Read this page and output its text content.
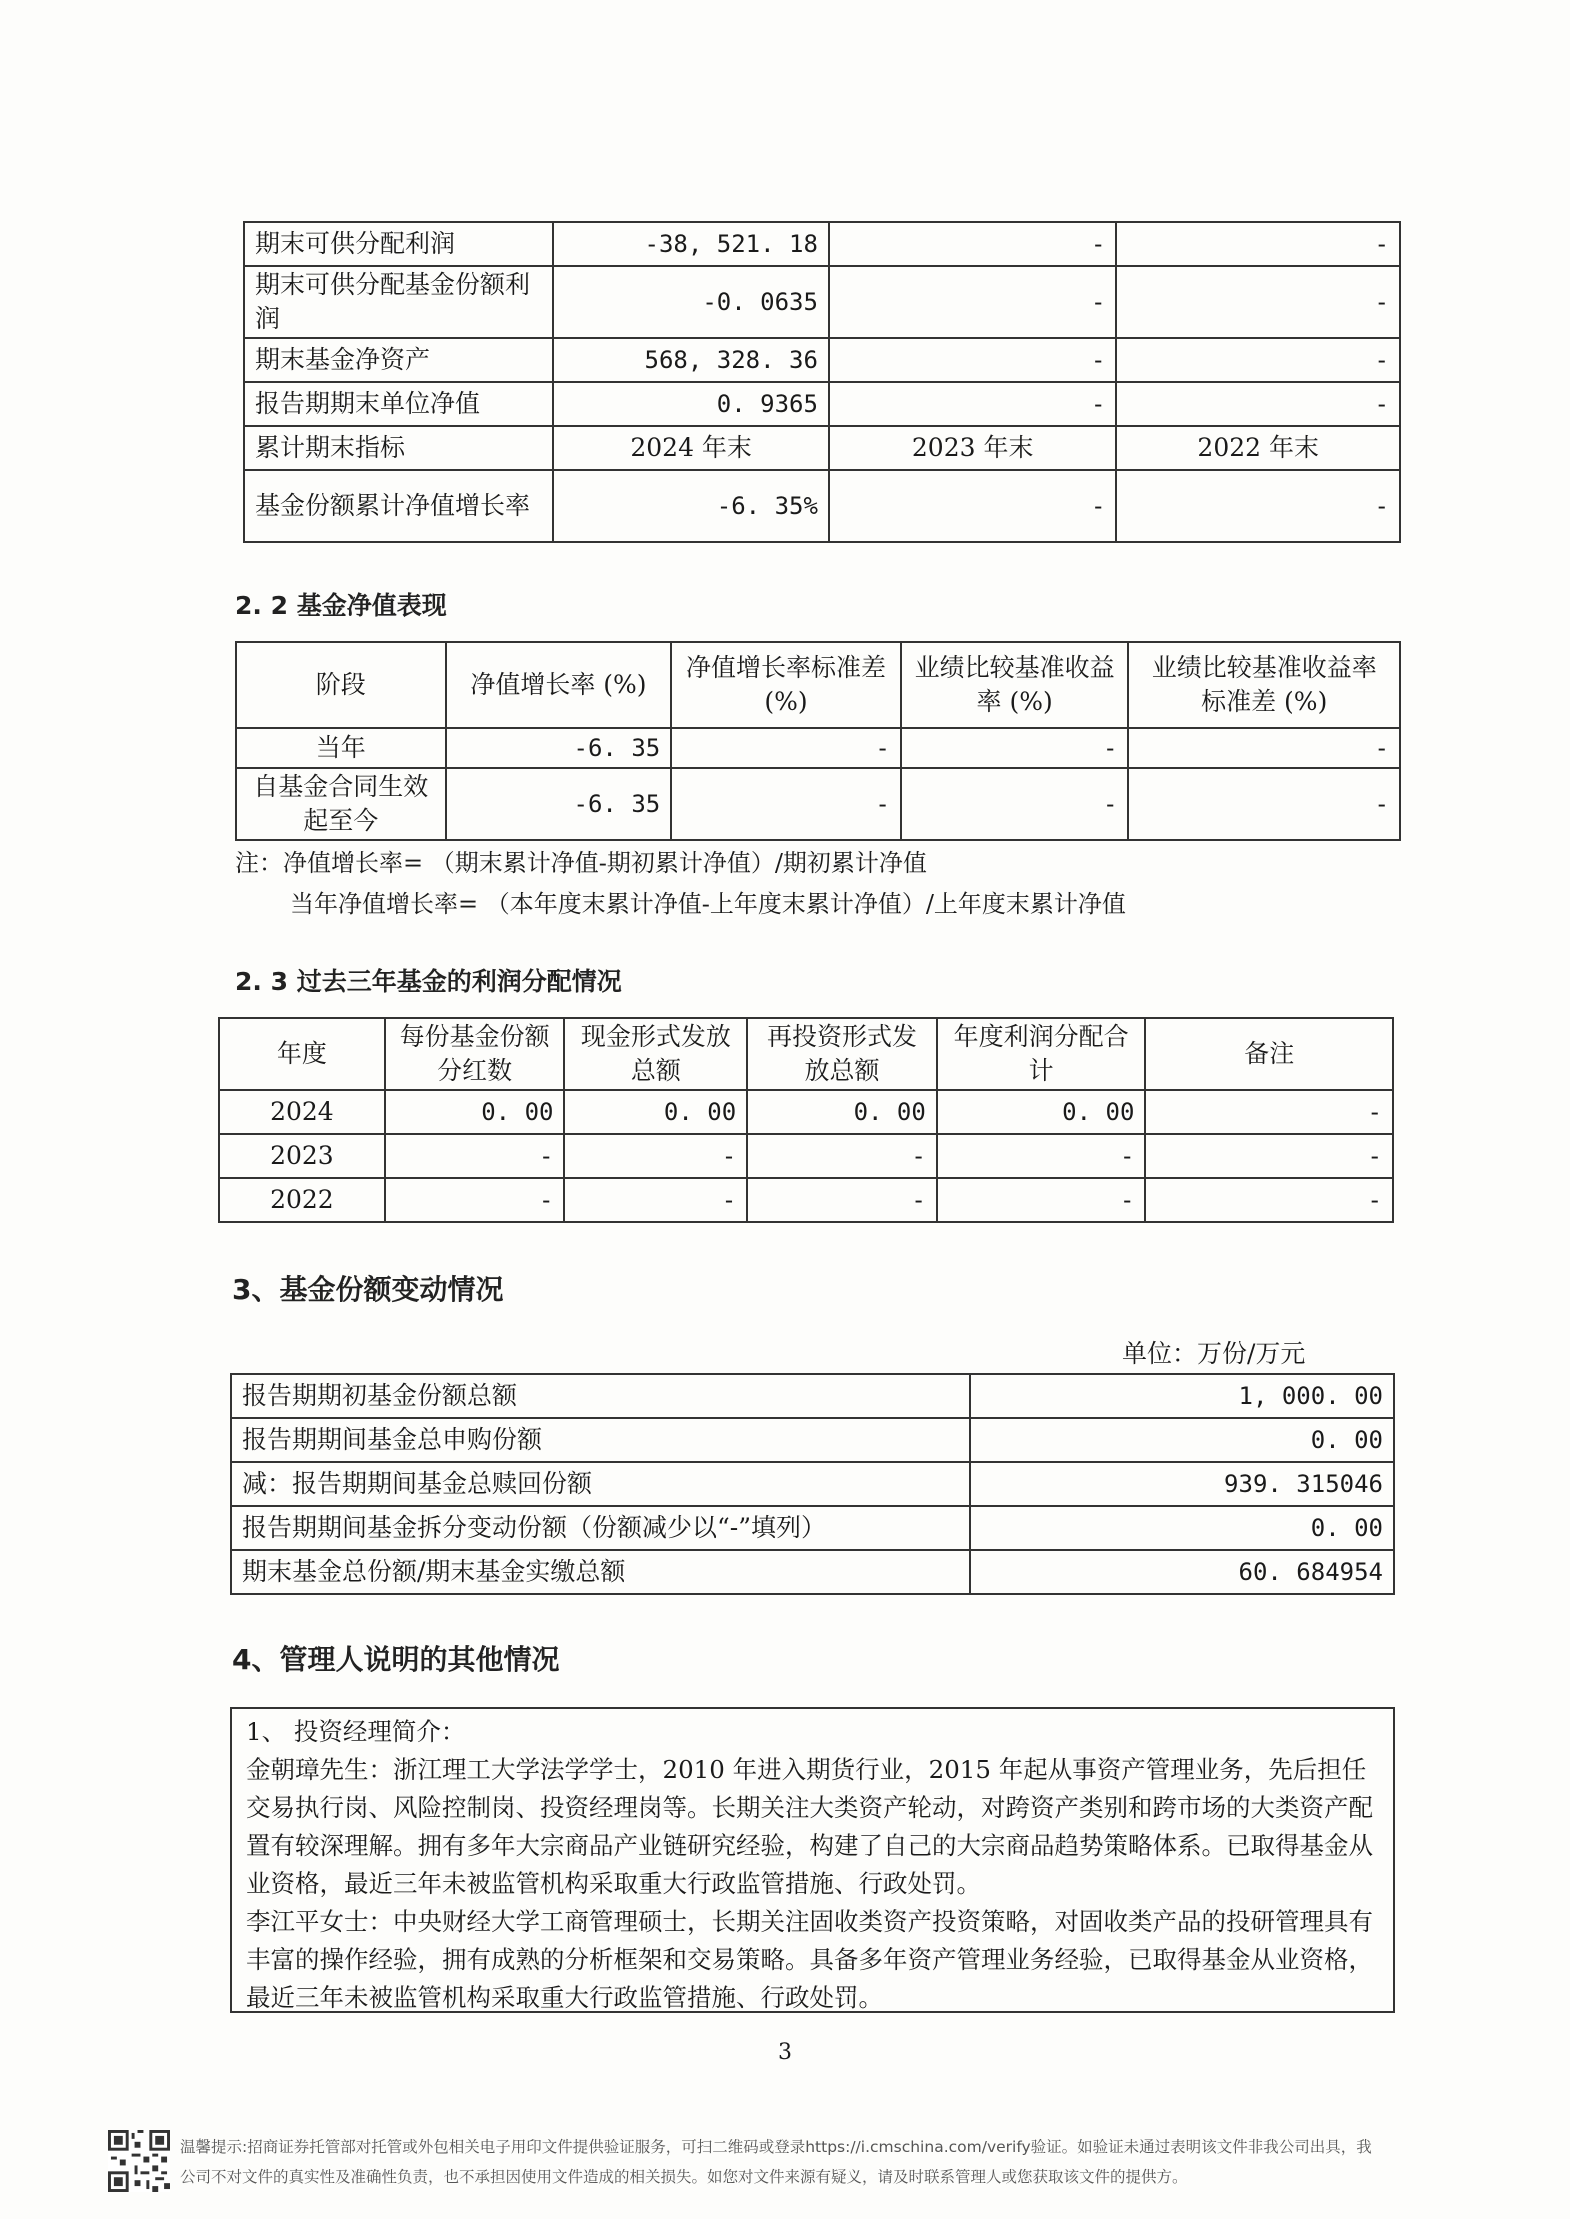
期末可供分配利润	-38, 521. 18	-	-
期末可供分配基金份额利润	-0. 0635	-	-
期末基金净资产	568, 328. 36	-	-
报告期期末单位净值	0. 9365	-	-
累计期末指标	2024 年末	2023 年末	2022 年末
基金份额累计净值增长率	-6. 35%	-	-
2. 2 基金净值表现
阶段	净值增长率 (%)	净值增长率标准差 (%)	业绩比较基准收益率 (%)	业绩比较基准收益率标准差 (%)
当年	-6. 35	-	-	-
自基金合同生效起至今	-6. 35	-	-	-
注：净值增长率= （期末累计净值-期初累计净值）/期初累计净值
当年净值增长率= （本年度末累计净值-上年度末累计净值）/上年度末累计净值
2. 3 过去三年基金的利润分配情况
年度	每份基金份额分红数	现金形式发放总额	再投资形式发放总额	年度利润分配合计	备注
2024	0. 00	0. 00	0. 00	0. 00	-
2023	-	-	-	-	-
2022	-	-	-	-	-
3、基金份额变动情况
单位：万份/万元
报告期期初基金份额总额	1, 000. 00
报告期期间基金总申购份额	0. 00
减：报告期期间基金总赎回份额	939. 315046
报告期期间基金拆分变动份额（份额减少以“-”填列）	0. 00
期末基金总份额/期末基金实缴总额	60. 684954
4、管理人说明的其他情况

1、 投资经理简介：

金朝璋先生：浙江理工大学法学学士，2010 年进入期货行业，2015 年起从事资产管理业务，先后担任交易执行岗、风险控制岗、投资经理岗等。长期关注大类资产轮动，对跨资产类别和跨市场的大类资产配置有较深理解。拥有多年大宗商品产业链研究经验，构建了自己的大宗商品趋势策略体系。已取得基金从业资格，最近三年未被监管机构采取重大行政监管措施、行政处罚。

李江平女士：中央财经大学工商管理硕士，长期关注固收类资产投资策略，对固收类产品的投研管理具有丰富的操作经验，拥有成熟的分析框架和交易策略。具备多年资产管理业务经验，已取得基金从业资格，最近三年未被监管机构采取重大行政监管措施、行政处罚。

3
温馨提示:招商证券托管部对托管或外包相关电子用印文件提供验证服务，可扫二维码或登录https://i.cmschina.com/verify验证。如验证未通过表明该文件非我公司出具，我公司不对文件的真实性及准确性负责，也不承担因使用文件造成的相关损失。如您对文件来源有疑义，请及时联系管理人或您获取该文件的提供方。
